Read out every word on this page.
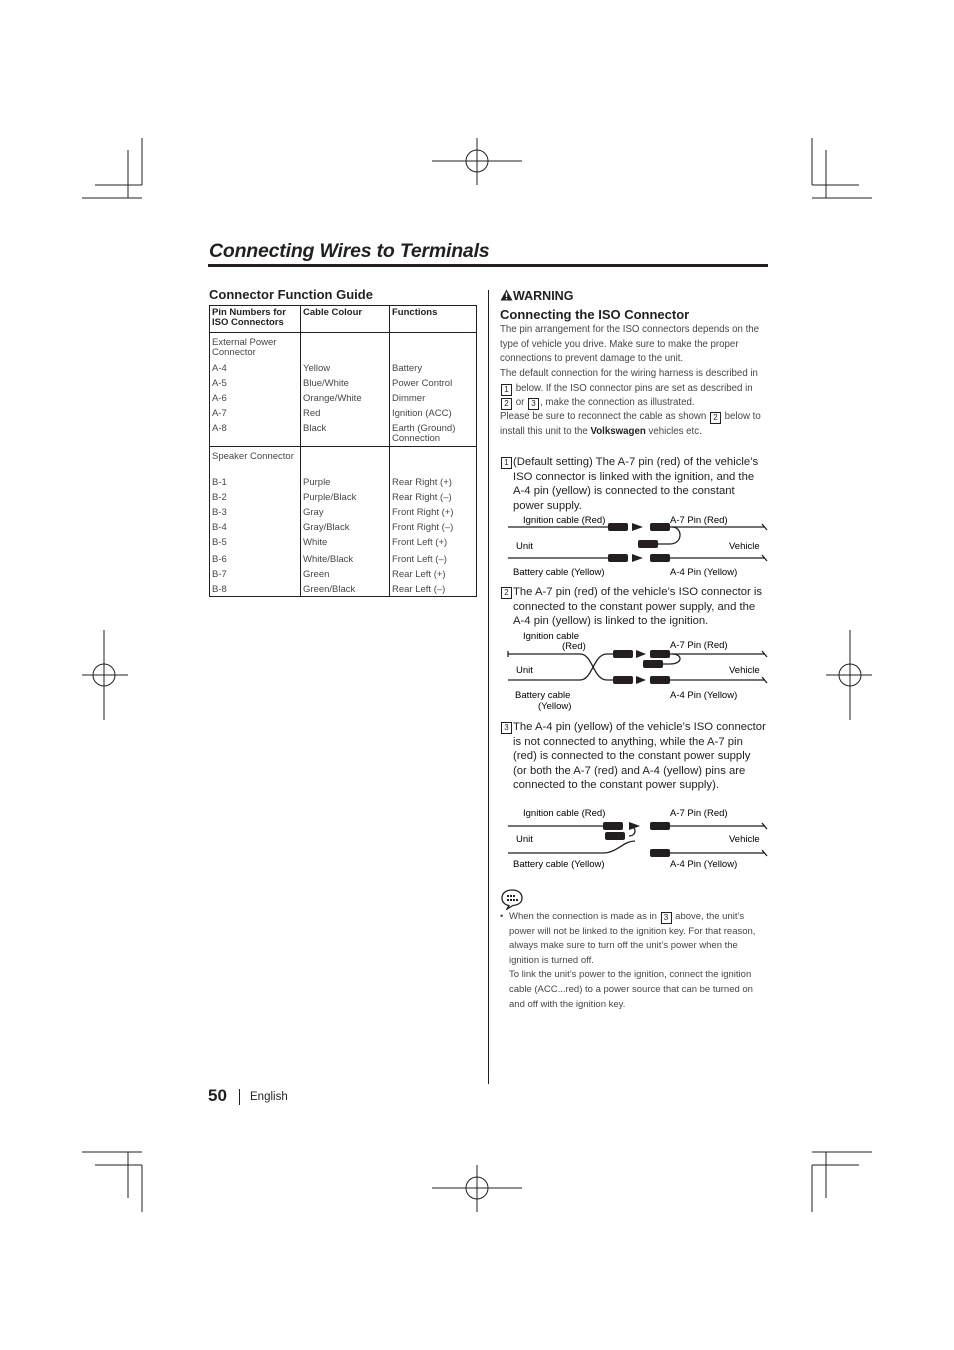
Connecting Wires to Terminals
Connector Function Guide
Pin Numbers for ISO Connectors	Cable Colour	Functions
External Power Connector		
A-4	Yellow	Battery
A-5	Blue/White	Power Control
A-6	Orange/White	Dimmer
A-7	Red	Ignition (ACC)
A-8	Black	Earth (Ground) Connection
Speaker Connector		
B-1	Purple	Rear Right (+)
B-2	Purple/Black	Rear Right (–)
B-3	Gray	Front Right (+)
B-4	Gray/Black	Front Right (–)
B-5	White	Front Left (+)
B-6	White/Black	Front Left (–)
B-7	Green	Rear Left (+)
B-8	Green/Black	Rear Left (–)
WARNING
Connecting the ISO Connector
The pin arrangement for the ISO connectors depends on the type of vehicle you drive. Make sure to make the proper connections to prevent damage to the unit.
The default connection for the wiring harness is described in 1 below. If the ISO connector pins are set as described in 2 or 3 , make the connection as illustrated.
Please be sure to reconnect the cable as shown 2 below to install this unit to the Volkswagen vehicles etc.
1 (Default setting) The A-7 pin (red) of the vehicle’s ISO connector is linked with the ignition, and the A-4 pin (yellow) is connected to the constant power supply.
Ignition cable (Red)	A-7 Pin (Red)
Unit	Vehicle
Battery cable (Yellow)	A-4 Pin (Yellow)
2 The A-7 pin (red) of the vehicle’s ISO connector is connected to the constant power supply, and the A-4 pin (yellow) is linked to the ignition.
Ignition cable
(Red)	A-7 Pin (Red)
Unit	Vehicle
Battery cable
(Yellow)
A-4 Pin (Yellow)
3 The A-4 pin (yellow) of the vehicle’s ISO connector is not connected to anything, while the A-7 pin (red) is connected to the constant power supply (or both the A-7 (red) and A-4 (yellow) pins are connected to the constant power supply).
Ignition cable (Red)	A-7 Pin (Red)
Unit	Vehicle
Battery cable (Yellow)	A-4 Pin (Yellow)
• When the connection is made as in 3 above, the unit’s power will not be linked to the ignition key. For that reason, always make sure to turn off the unit’s power when the ignition is turned off.
To link the unit’s power to the ignition, connect the ignition cable (ACC...red) to a power source that can be turned on and off with the ignition key.
50 English
